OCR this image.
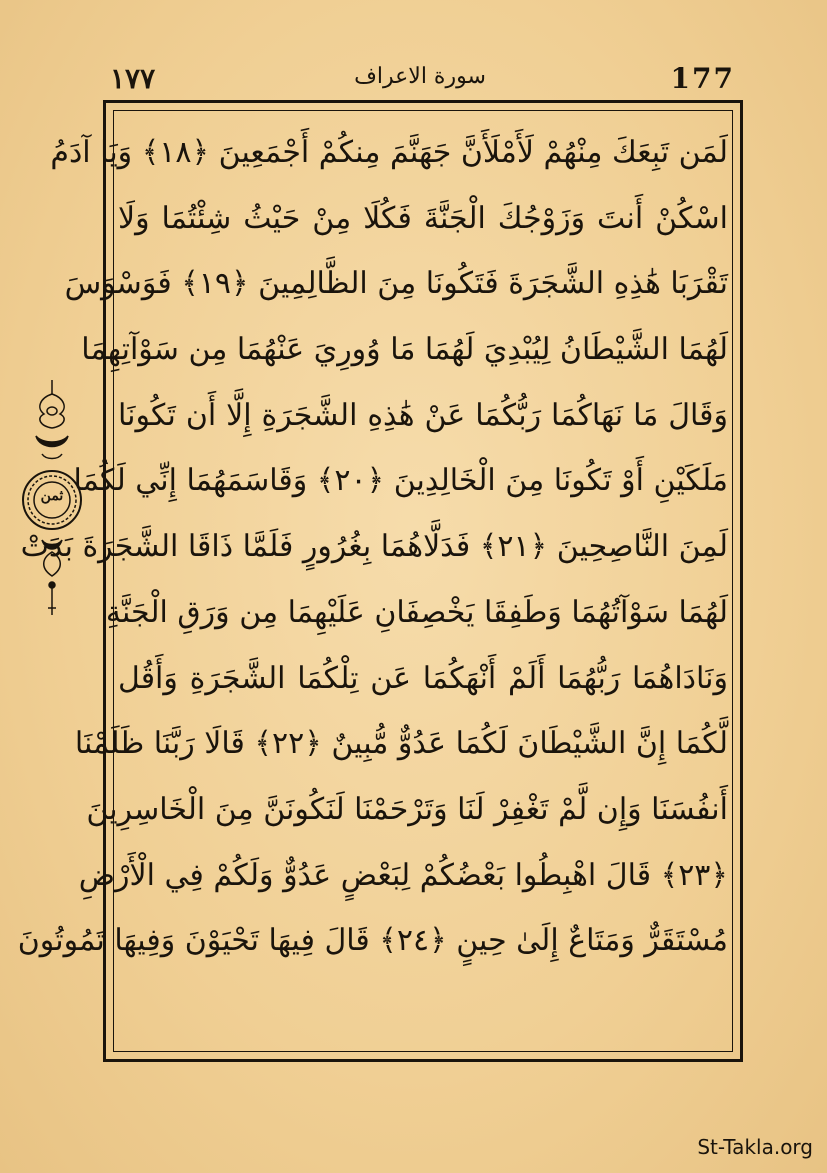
١٧٧	سورة الاعراف	177
ثمن
لَمَن تَبِعَكَ مِنْهُمْ لَأَمْلَأَنَّ جَهَنَّمَ مِنكُمْ أَجْمَعِينَ ﴿١٨﴾ وَيَا آدَمُ
اسْكُنْ أَنتَ وَزَوْجُكَ الْجَنَّةَ فَكُلَا مِنْ حَيْثُ شِئْتُمَا وَلَا
تَقْرَبَا هَٰذِهِ الشَّجَرَةَ فَتَكُونَا مِنَ الظَّالِمِينَ ﴿١٩﴾ فَوَسْوَسَ
لَهُمَا الشَّيْطَانُ لِيُبْدِيَ لَهُمَا مَا وُورِيَ عَنْهُمَا مِن سَوْآتِهِمَا
وَقَالَ مَا نَهَاكُمَا رَبُّكُمَا عَنْ هَٰذِهِ الشَّجَرَةِ إِلَّا أَن تَكُونَا
مَلَكَيْنِ أَوْ تَكُونَا مِنَ الْخَالِدِينَ ﴿٢٠﴾ وَقَاسَمَهُمَا إِنِّي لَكُمَا
لَمِنَ النَّاصِحِينَ ﴿٢١﴾ فَدَلَّاهُمَا بِغُرُورٍ فَلَمَّا ذَاقَا الشَّجَرَةَ بَدَتْ
لَهُمَا سَوْآتُهُمَا وَطَفِقَا يَخْصِفَانِ عَلَيْهِمَا مِن وَرَقِ الْجَنَّةِ
وَنَادَاهُمَا رَبُّهُمَا أَلَمْ أَنْهَكُمَا عَن تِلْكُمَا الشَّجَرَةِ وَأَقُل
لَّكُمَا إِنَّ الشَّيْطَانَ لَكُمَا عَدُوٌّ مُّبِينٌ ﴿٢٢﴾ قَالَا رَبَّنَا ظَلَمْنَا
أَنفُسَنَا وَإِن لَّمْ تَغْفِرْ لَنَا وَتَرْحَمْنَا لَنَكُونَنَّ مِنَ الْخَاسِرِينَ
﴿٢٣﴾ قَالَ اهْبِطُوا بَعْضُكُمْ لِبَعْضٍ عَدُوٌّ وَلَكُمْ فِي الْأَرْضِ
مُسْتَقَرٌّ وَمَتَاعٌ إِلَىٰ حِينٍ ﴿٢٤﴾ قَالَ فِيهَا تَحْيَوْنَ وَفِيهَا تَمُوتُونَ
St-Takla.org
